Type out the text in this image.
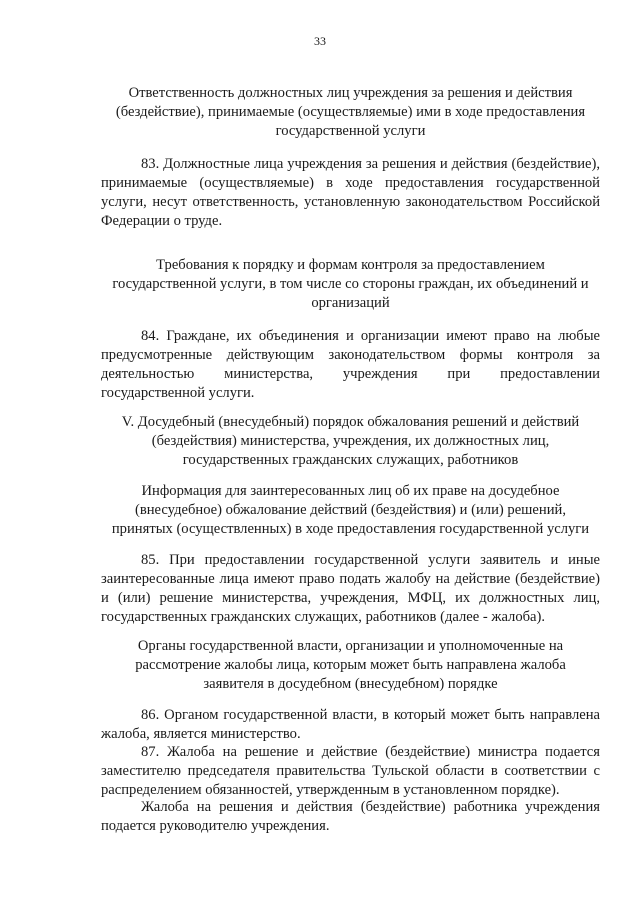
33
Ответственность должностных лиц учреждения за решения и действия
(бездействие), принимаемые (осуществляемые) ими в ходе предоставления
государственной услуги
83. Должностные лица учреждения за решения и действия (бездействие),
принимаемые (осуществляемые) в ходе предоставления государственной
услуги, несут ответственность, установленную законодательством Российской
Федерации о труде.
Требования к порядку и формам контроля за предоставлением
государственной услуги, в том числе со стороны граждан, их объединений и
организаций
84. Граждане, их объединения и организации имеют право на любые
предусмотренные действующим законодательством формы контроля за
деятельностью министерства, учреждения при предоставлении
государственной услуги.
V. Досудебный (внесудебный) порядок обжалования решений и действий
(бездействия) министерства, учреждения, их должностных лиц,
государственных гражданских служащих, работников
Информация для заинтересованных лиц об их праве на досудебное
(внесудебное) обжалование действий (бездействия) и (или) решений,
принятых (осуществленных) в ходе предоставления государственной услуги
85. При предоставлении государственной услуги заявитель и иные
заинтересованные лица имеют право подать жалобу на действие (бездействие)
и (или) решение министерства, учреждения, МФЦ, их должностных лиц,
государственных гражданских служащих, работников (далее - жалоба).
Органы государственной власти, организации и уполномоченные на
рассмотрение жалобы лица, которым может быть направлена жалоба
заявителя в досудебном (внесудебном) порядке
86. Органом государственной власти, в который может быть направлена
жалоба, является министерство.
87. Жалоба на решение и действие (бездействие) министра подается
заместителю председателя правительства Тульской области в соответствии с
распределением обязанностей, утвержденным в установленном порядке).
Жалоба на решения и действия (бездействие) работника учреждения
подается руководителю учреждения.
